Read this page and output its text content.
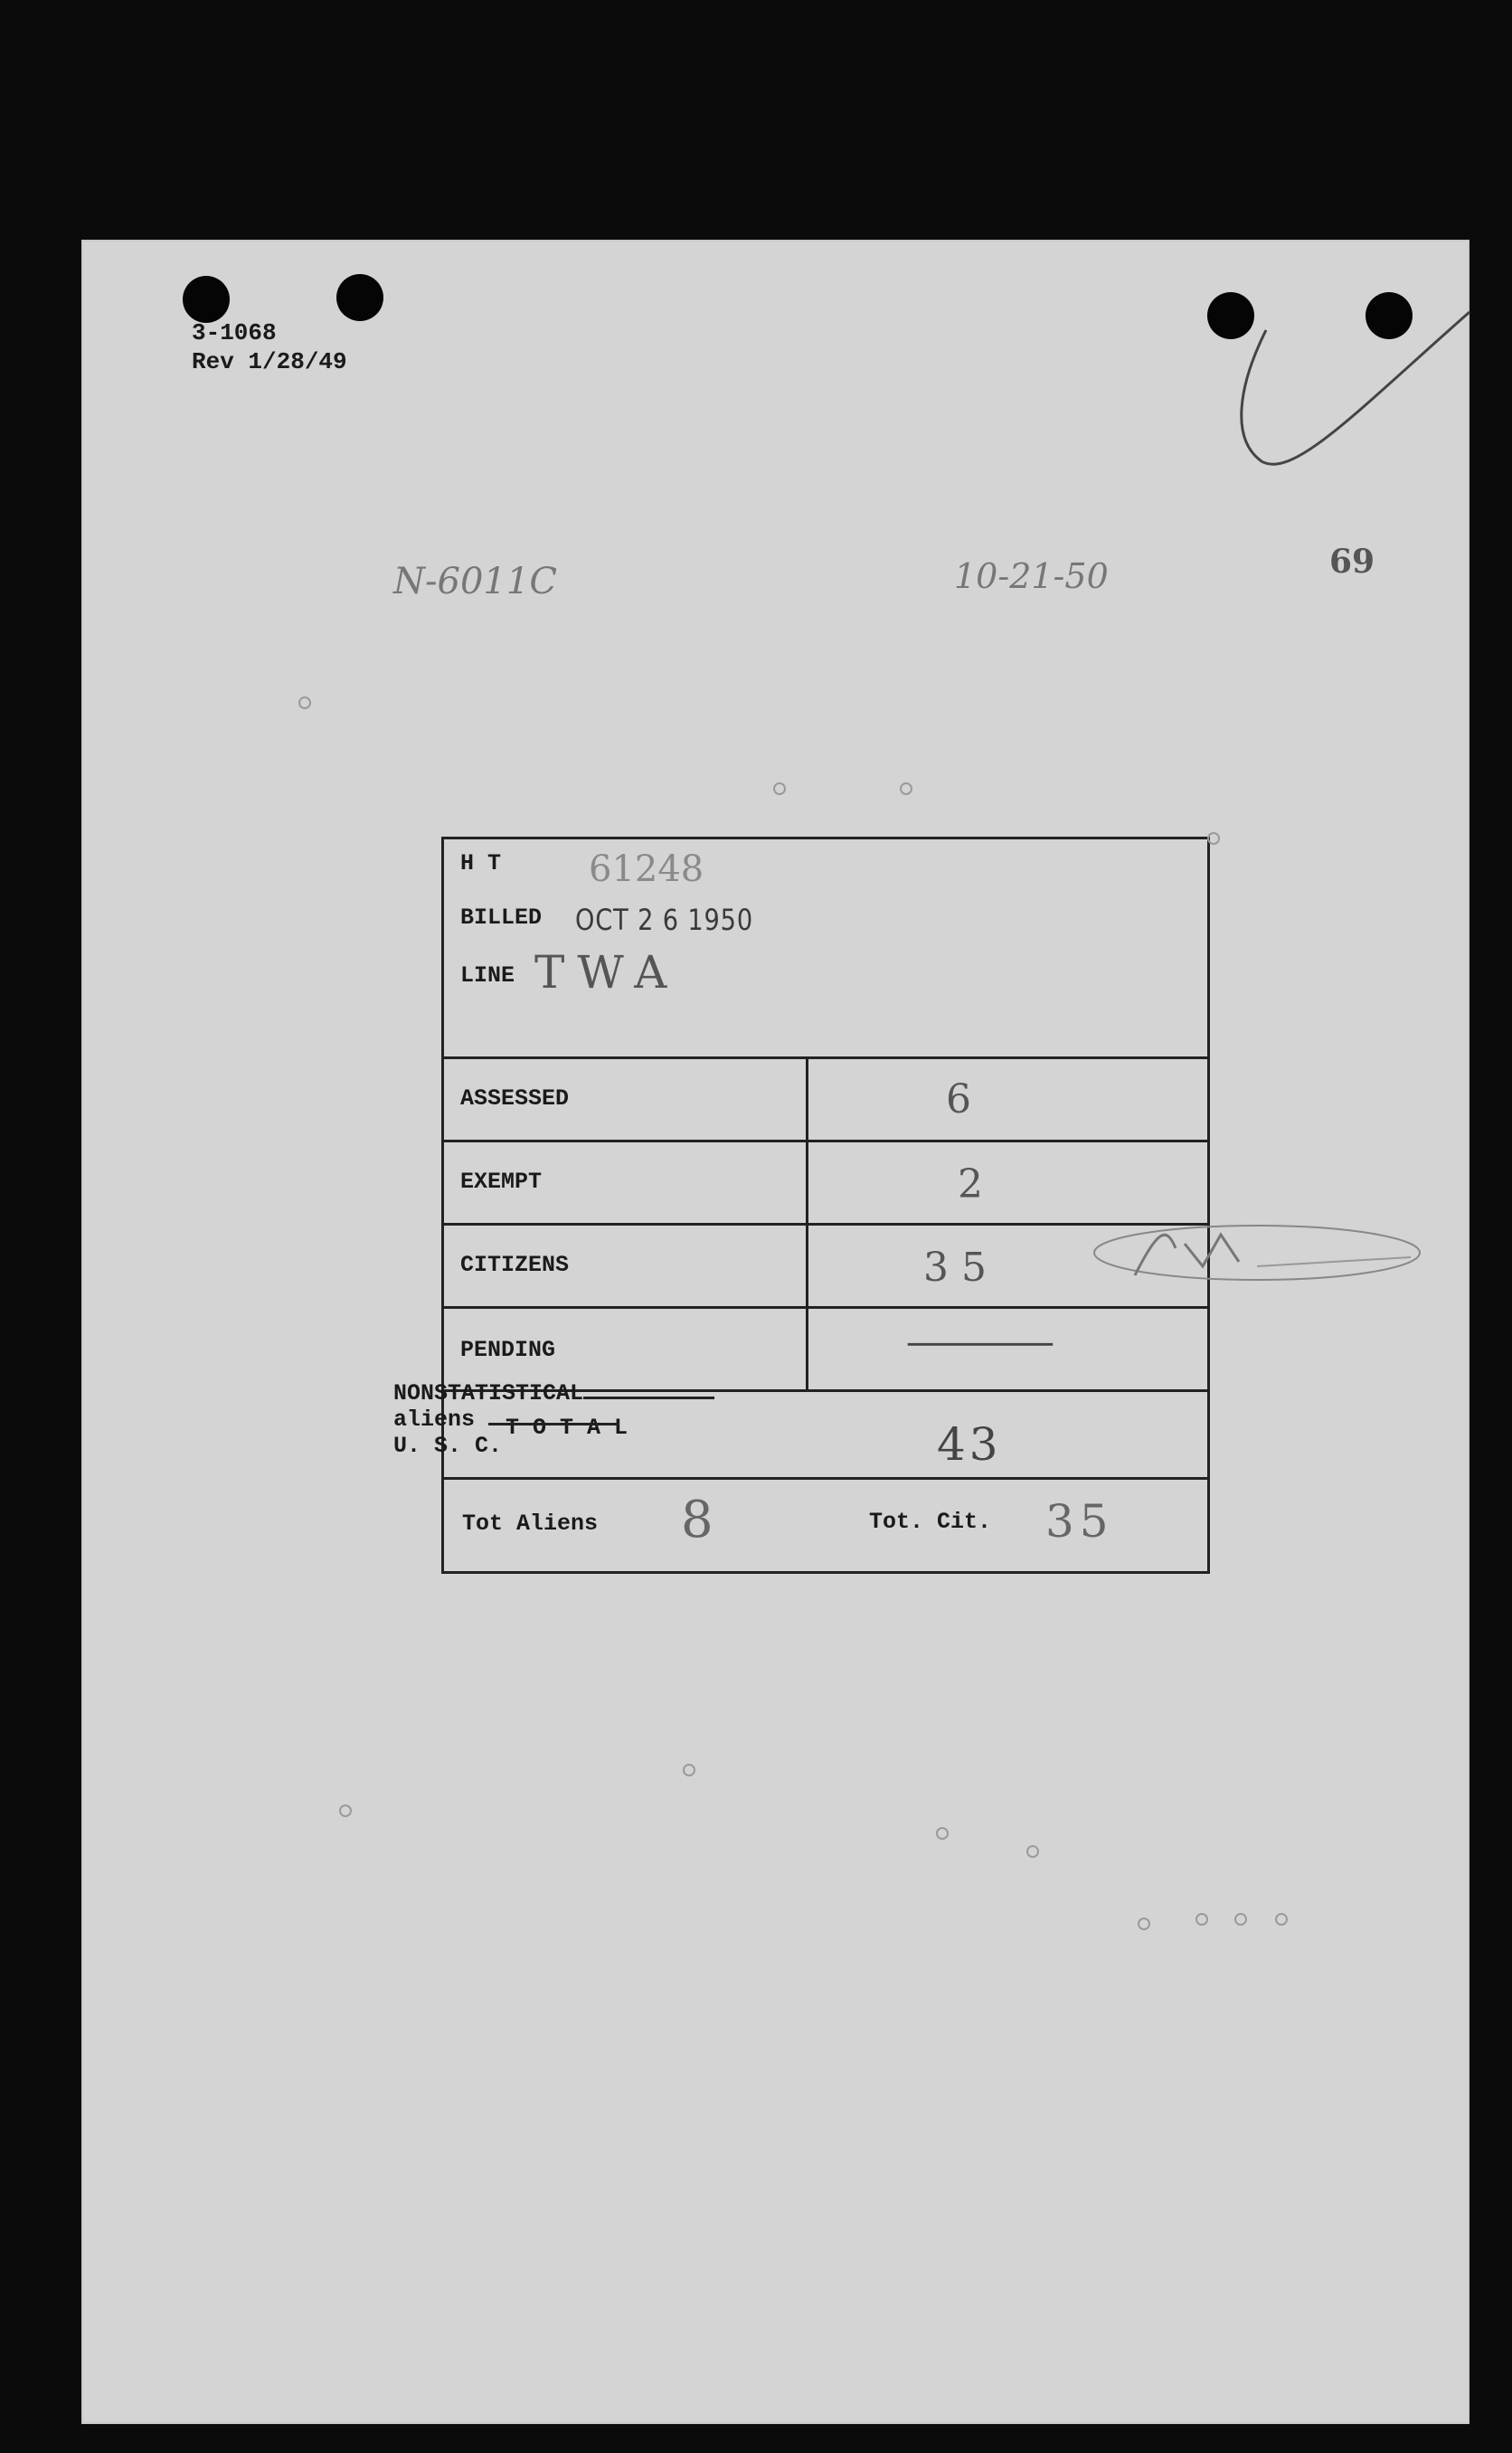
3-1068
Rev 1/28/49
69
N-6011C	10-21-50
H T 61248
BILLED OCT 2 6 1950
LINE TWA
ASSESSED	6
EXEMPT	2
CITIZENS	35
PENDING	—
T O T A L	43
Tot Aliens 8	Tot. Cit. 35

NONSTATISTICAL
aliens
U. S. C.
